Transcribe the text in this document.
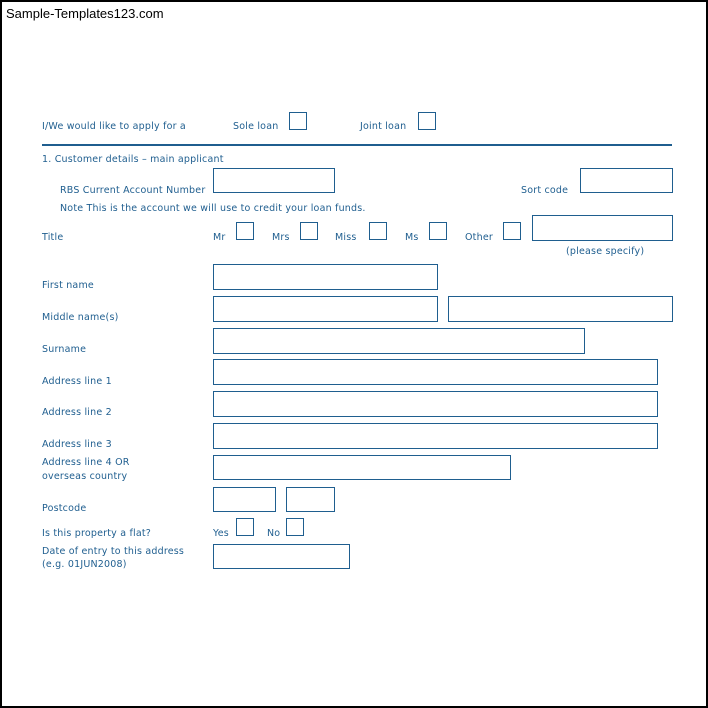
Sample-Templates123.com
I/We would like to apply for a	Sole loan	Joint loan
1. Customer details – main applicant
RBS Current Account Number	Sort code
Note This is the account we will use to credit your loan funds.
Title	Mr	Mrs	Miss	Ms	Other
(please specify)
First name
Middle name(s)
Surname
Address line 1
Address line 2
Address line 3
Address line 4 OR
overseas country
Postcode
Is this property a flat?	Yes	No
Date of entry to this address
(e.g. 01JUN2008)
